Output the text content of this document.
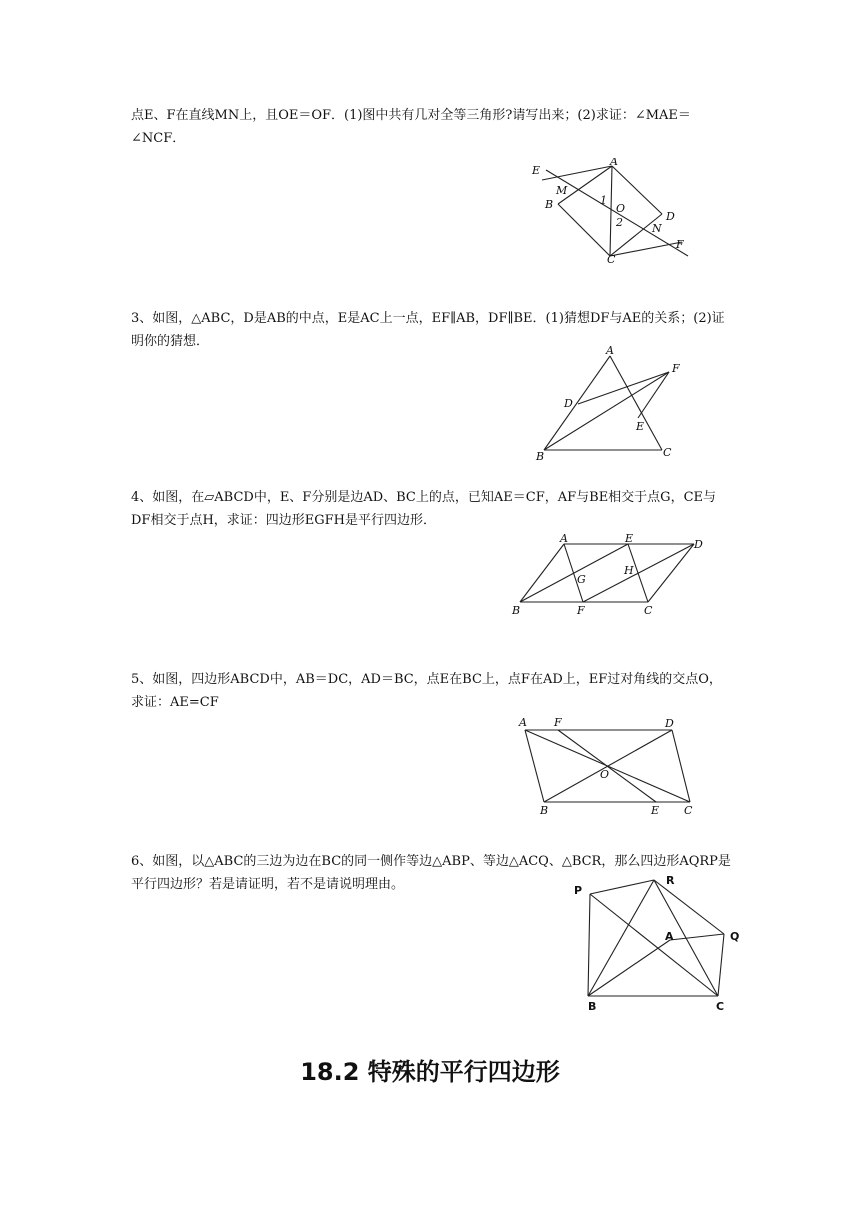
点E、F在直线MN上，且OE＝OF．(1)图中共有几对全等三角形?请写出来；(2)求证：∠MAE＝∠NCF．

A
E
M
B	1
O
2	D
N
F
C

3、如图，△ABC，D是AB的中点，E是AC上一点，EF∥AB，DF∥BE．(1)猜想DF与AE的关系；(2)证明你的猜想．

A
F
D
E
B	C

4、如图，在▱ABCD中，E、F分别是边AD、BC上的点，已知AE＝CF，AF与BE相交于点G，CE与DF相交于点H，求证：四边形EGFH是平行四边形．

A	E	D
G
H
B	F	C

5、如图，四边形ABCD中，AB＝DC，AD＝BC，点E在BC上，点F在AD上，EF过对角线的交点O，求证：AE=CF

A F	D
O
B	E C

6、如图，以△ABC的三边为边在BC的同一侧作等边△ABP、等边△ACQ、△BCR，那么四边形AQRP是平行四边形？若是请证明，若不是请说明理由。	P
R
A	Q
B	C
18.2 特殊的平行四边形
